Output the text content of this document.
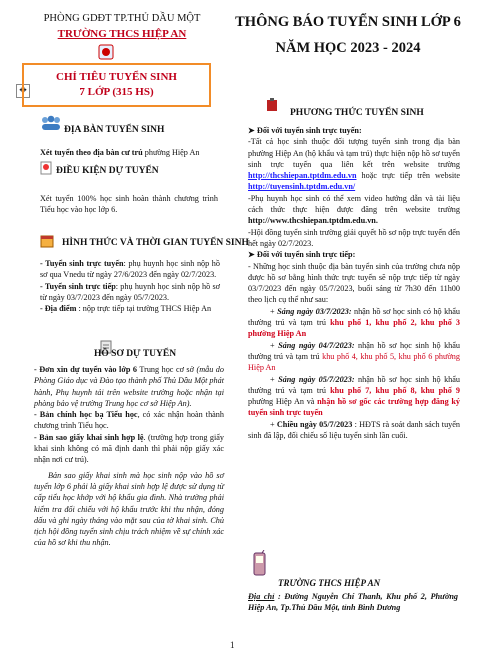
PHÒNG GDĐT TP.THỦ DẦU MỘT
TRƯỜNG THCS HIỆP AN
THÔNG BÁO TUYỂN SINH LỚP 6
NĂM HỌC 2023 - 2024
✥
CHỈ TIÊU TUYỂN SINH
7 LỚP (315 HS)
ĐỊA BÀN TUYỂN SINH
Xét tuyển theo địa bàn cư trú phường Hiệp An
ĐIỀU KIỆN DỰ TUYỂN
Xét tuyển 100% học sinh hoàn thành chương trình Tiểu học vào học lớp 6.
HÌNH THỨC VÀ THỜI GIAN TUYỂN SINH
- Tuyển sinh trực tuyến: phụ huynh học sinh nộp hồ sơ qua Vnedu từ ngày 27/6/2023 đến ngày 02/7/2023.
- Tuyển sinh trực tiếp: phụ huynh học sinh nộp hồ sơ từ ngày 03/7/2023 đến ngày 05/7/2023.
- Địa điểm : nộp trực tiếp tại trường THCS Hiệp An
HỒ SƠ DỰ TUYỂN
- Đơn xin dự tuyển vào lớp 6 Trung học cơ sở (mẫu do Phòng Giáo dục và Đào tạo thành phố Thủ Dầu Một phát hành, Phụ huynh tải trên website trường hoặc nhận tại phòng bảo vệ trường Trung học cơ sở Hiệp An).
- Bản chính học bạ Tiểu học, có xác nhận hoàn thành chương trình Tiểu học.
- Bản sao giấy khai sinh hợp lệ. (trường hợp trong giấy khai sinh không có mã định danh thì phải nộp giấy xác nhận nơi cư trú).
Bản sao giấy khai sinh mà học sinh nộp vào hồ sơ tuyển lớp 6 phải là giấy khai sinh hợp lệ được sử dụng từ cấp tiểu học khớp với hộ khẩu gia đình. Nhà trường phải kiểm tra đối chiếu với hộ khẩu trước khi thu nhận, đóng dấu và ghi ngày tháng vào mặt sau của tờ khai sinh. Chủ tịch hội đồng tuyển sinh chịu trách nhiệm về sự chính xác của hồ sơ khi thu nhận.
PHƯƠNG THỨC TUYỂN SINH
➤ Đối với tuyển sinh trực tuyến:
-Tất cả học sinh thuộc đối tượng tuyển sinh trong địa bàn phường Hiệp An (hộ khẩu và tạm trú) thực hiện nộp hồ sơ tuyển sinh trực tuyến qua liên kết trên website trường http://thcshiepan.tptdm.edu.vn hoặc trực tiếp trên website http://tuyensinh.tptdm.edu.vn/
-Phụ huynh học sinh có thể xem video hướng dẫn và tài liệu cách thức thực hiện được đăng trên website trường http://www.thcshiepan.tptdm.edu.vn.
-Hội đồng tuyển sinh trường giải quyết hồ sơ nộp trực tuyến đến hết ngày 02/7/2023.
➤ Đối với tuyển sinh trực tiếp:
- Những học sinh thuộc địa bàn tuyển sinh của trường chưa nộp được hồ sơ bằng hình thức trực tuyến sẽ nộp trực tiếp từ ngày 03/7/2023 đến ngày 05/7/2023, buổi sáng từ 7h30 đến 11h00 theo lịch cụ thể như sau:
+ Sáng ngày 03/7/2023: nhận hồ sơ học sinh có hộ khẩu thường trú và tạm trú khu phố 1, khu phố 2, khu phố 3 phường Hiệp An
+ Sáng ngày 04/7/2023: nhận hồ sơ học sinh hộ khẩu thường trú và tạm trú khu phố 4, khu phố 5, khu phố 6 phường Hiệp An
+ Sáng ngày 05/7/2023: nhận hồ sơ học sinh hộ khẩu thường trú và tạm trú khu phố 7, khu phố 8, khu phố 9 phường Hiệp An và nhận hồ sơ gốc các trường hợp đăng ký tuyển sinh trực tuyến
+ Chiều ngày 05/7/2023 : HĐTS rà soát danh sách tuyển sinh đã lập, đối chiếu số liệu tuyển sinh lần cuối.
TRƯỜNG THCS HIỆP AN
Địa chỉ : Đường Nguyễn Chí Thanh, Khu phố 2, Phường Hiệp An, Tp.Thủ Dầu Một, tỉnh Bình Dương
1
